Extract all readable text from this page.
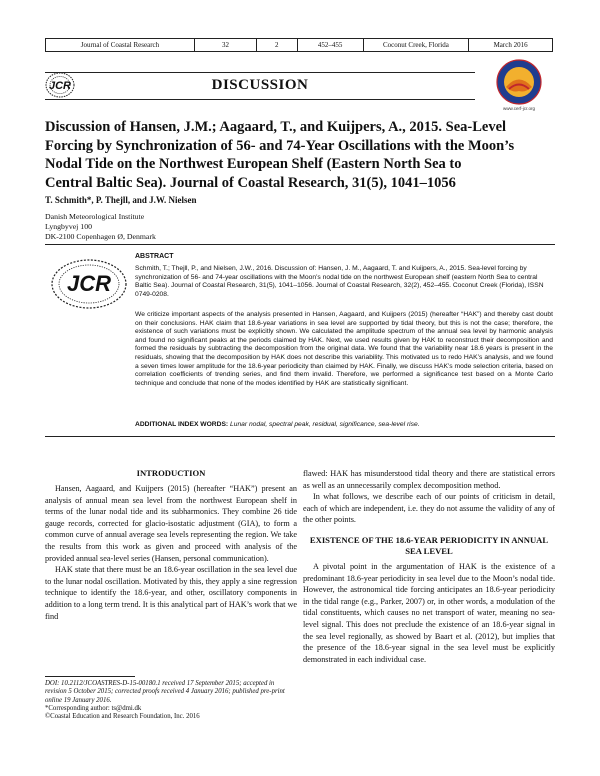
Journal of Coastal Research	32	2	452–455	Coconut Creek, Florida	March 2016
JCR	DISCUSSION
www.cerf-jcr.org
Discussion of Hansen, J.M.; Aagaard, T., and Kuijpers, A., 2015. Sea-Level
Forcing by Synchronization of 56- and 74-Year Oscillations with the Moon’s
Nodal Tide on the Northwest European Shelf (Eastern North Sea to
Central Baltic Sea). Journal of Coastal Research, 31(5), 1041–1056
T. Schmith*, P. Thejll, and J.W. Nielsen
Danish Meteorological Institute
Lyngbyvej 100
DK-2100 Copenhagen Ø, Denmark
JCR
ABSTRACT
Schmith, T.; Thejll, P., and Nielsen, J.W., 2016. Discussion of: Hansen, J. M., Aagaard, T. and Kuijpers, A., 2015. Sea-level forcing by synchronization of 56- and 74-year oscillations with the Moon’s nodal tide on the northwest European shelf (eastern North Sea to central Baltic Sea). Journal of Coastal Research, 31(5), 1041–1056. Journal of Coastal Research, 32(2), 452–455. Coconut Creek (Florida), ISSN 0749-0208.
We criticize important aspects of the analysis presented in Hansen, Aagaard, and Kuijpers (2015) (hereafter “HAK”) and thereby cast doubt on their conclusions. HAK claim that 18.6-year variations in sea level are supported by tidal theory, but this is not the case; therefore, the existence of such variations must be explicitly shown. We calculated the amplitude spectrum of the annual sea level by harmonic analysis and found no significant peaks at the periods claimed by HAK. Next, we used results given by HAK to reconstruct their decomposition and formed the residuals by subtracting the decomposition from the original data. We found that the variability near 18.6 years is present in the residuals, showing that the decomposition by HAK does not describe this variability. This motivated us to redo HAK’s analysis, and we found a seven times lower amplitude for the 18.6-year periodicity than claimed by HAK. Finally, we discuss HAK’s mode selection criteria, based on correlation coefficients of trending series, and find them invalid. Therefore, we performed a significance test based on a Monte Carlo technique and conclude that none of the modes identified by HAK are statistically significant.
ADDITIONAL INDEX WORDS: Lunar nodal, spectral peak, residual, significance, sea-level rise.
INTRODUCTION

Hansen, Aagaard, and Kuijpers (2015) (hereafter “HAK”) present an analysis of annual mean sea level from the northwest European shelf in terms of the lunar nodal tide and its subharmonics. They combine 26 tide gauge records, corrected for glacio-isostatic adjustment (GIA), to form a common curve of annual average sea levels representing the region. We take the results from this work as given and proceed with analysis of the provided annual sea-level series (Hansen, personal communication).

HAK state that there must be an 18.6-year oscillation in the sea level due to the lunar nodal oscillation. Motivated by this, they apply a sine regression technique to identify the 18.6-year, and other, oscillatory components in addition to a long term trend. It is this analytical part of HAK’s work that we find

DOI: 10.2112/JCOASTRES-D-15-00180.1 received 17 September 2015; accepted in revision 5 October 2015; corrected proofs received 4 January 2016; published pre-print online 19 January 2016.
*Corresponding author: ts@dmi.dk
©Coastal Education and Research Foundation, Inc. 2016

flawed: HAK has misunderstood tidal theory and there are statistical errors as well as an unnecessarily complex decomposition method.

In what follows, we describe each of our points of criticism in detail, each of which are independent, i.e. they do not assume the validity of any of the other points.

EXISTENCE OF THE 18.6-YEAR PERIODICITY IN ANNUAL SEA LEVEL

A pivotal point in the argumentation of HAK is the existence of a predominant 18.6-year periodicity in sea level due to the Moon’s nodal tide. However, the astronomical tide forcing anticipates an 18.6-year periodicity in the tidal range (e.g., Parker, 2007) or, in other words, a modulation of the tidal constituents, which causes no net transport of water, meaning no sea-level signal. This does not preclude the existence of an 18.6-year signal in the sea level regionally, as showed by Baart et al. (2012), but implies that the presence of the 18.6-year signal in the sea level must be explicitly demonstrated in each individual case.
